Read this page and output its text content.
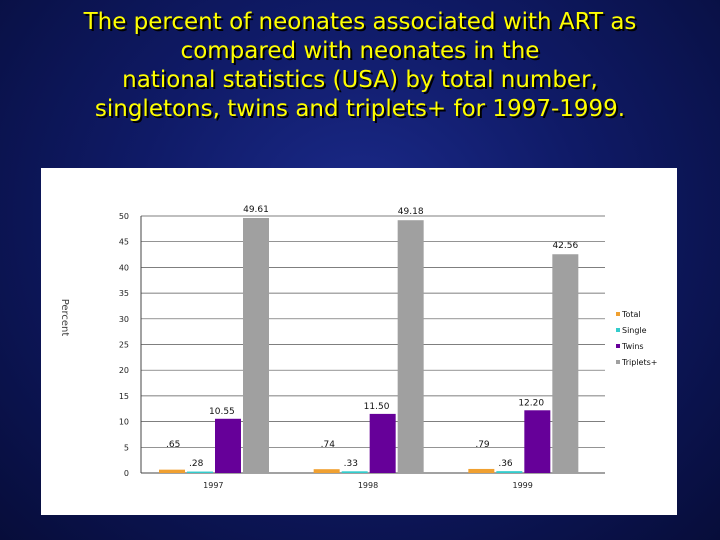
The percent of neonates associated with ART as
compared with neonates in the
national statistics (USA) by total number,
singletons, twins and triplets+ for 1997-1999.
0
5
10
15
20
25
30
35
40
45
50
Percent
1997
.65
.28
10.55
49.61
1998
.74
.33
11.50
49.18
1999
.79
.36
12.20
42.56
Total
Single
Twins
Triplets+
